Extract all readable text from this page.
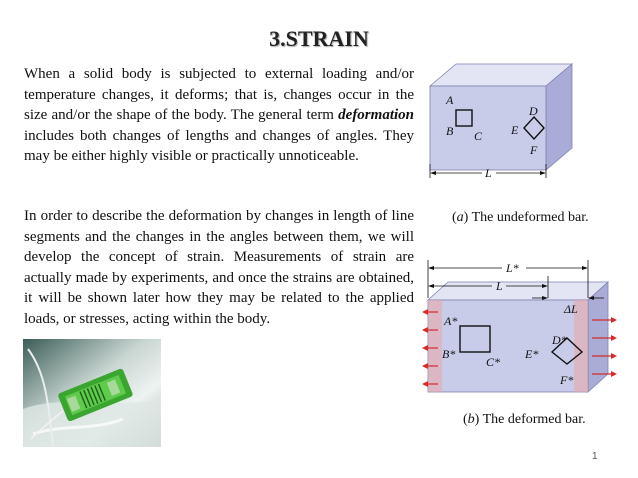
3.STRAIN
When a solid body is subjected to external loading and/or temperature changes, it deforms; that is, changes occur in the size and/or the shape of the body. The general term deformation includes both changes of lengths and changes of angles. They may be either highly visible or practically unnoticeable.
In order to describe the deformation by changes in length of line segments and the changes in the angles between them, we will develop the concept of strain. Measurements of strain are actually made by experiments, and once the strains are obtained, it will be shown later how they may be related to the applied loads, or stresses, acting within the body.
A
B C
D
E
F
L
(a) The undeformed bar.
A*
B*
C*
D*
E*
F*
L*
L
ΔL
(b) The deformed bar.
1
